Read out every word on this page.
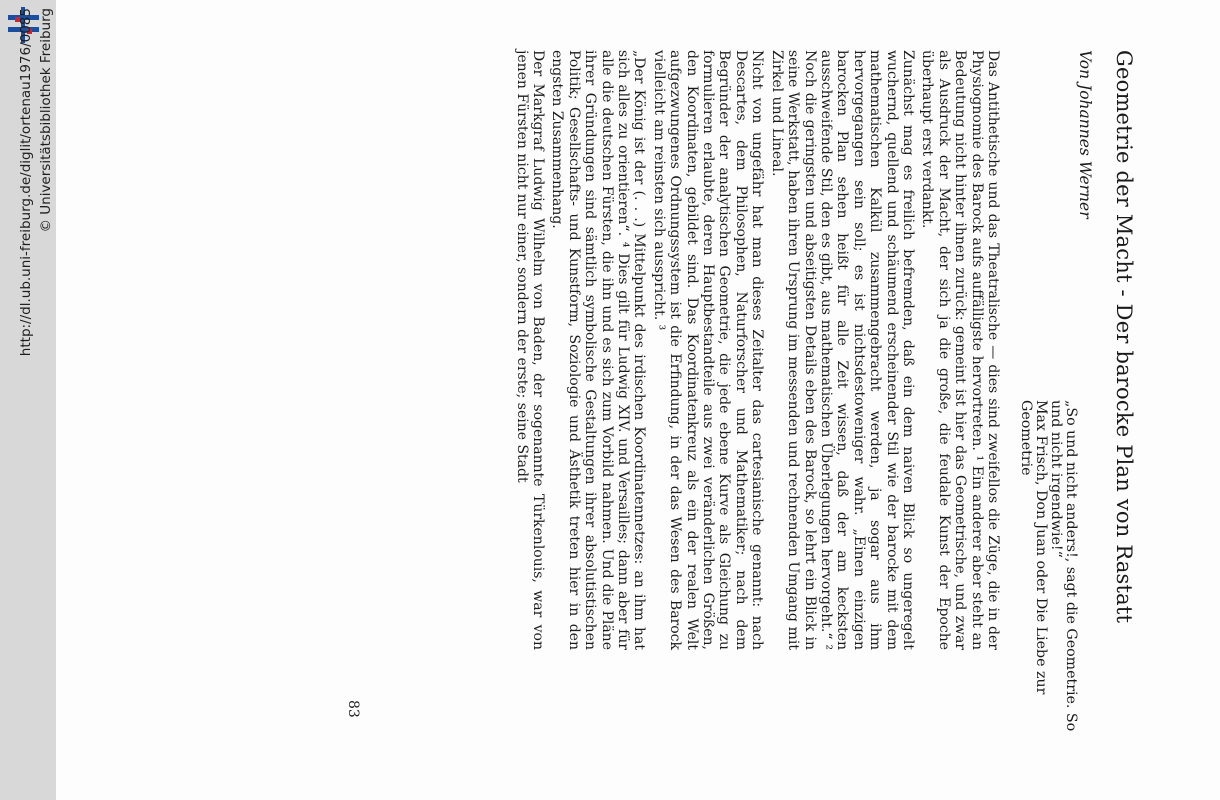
http://dl.ub.uni-freiburg.de/diglit/ortenau1976/0085 © Universitätsbibliothek Freiburg	Geometrie der Macht - Der barocke Plan von Rastatt
Von Johannes Werner
„So und nicht anders!, sagt die Geometrie. So und nicht irgendwie!“
Max Frisch, Don Juan oder Die Liebe zur Geometrie

Das Antithetische und das Theatralische — dies sind zweifellos die Züge, die in der Physiognomie des Barock aufs auffälligste hervortreten. ¹ Ein anderer aber steht an Bedeutung nicht hinter ihnen zurück: gemeint ist hier das Geometrische, und zwar als Ausdruck der Macht, der sich ja die große, die feudale Kunst der Epoche überhaupt erst verdankt.

Zunächst mag es freilich befremden, daß ein dem naiven Blick so ungeregelt wuchernd, quellend und schäumend erscheinender Stil wie der barocke mit dem mathematischen Kalkül zusammengebracht werden, ja sogar aus ihm hervorgegangen sein soll; es ist nichtsdestoweniger wahr. „Einen einzigen barocken Plan sehen heißt für alle Zeit wissen, daß der am kecksten ausschweifende Stil, den es gibt, aus mathematischen Überlegungen hervorgeht.“ ² Noch die geringsten und abseitigsten Details eben des Barock, so lehrt ein Blick in seine Werkstatt, haben ihren Ursprung im messenden und rechnenden Umgang mit Zirkel und Lineal.

Nicht von ungefähr hat man dieses Zeitalter das cartesianische genannt: nach Descartes, dem Philosophen, Naturforscher und Mathematiker; nach dem Begründer der analytischen Geometrie, die jede ebene Kurve als Gleichung zu formulieren erlaubte, deren Hauptbestandteile aus zwei veränderlichen Größen, den Koordinaten, gebildet sind. Das Koordinatenkreuz als ein der realen Welt aufgezwungenes Ordnungssystem ist die Erfindung, in der das Wesen des Barock vielleicht am reinsten sich ausspricht. ³

„Der König ist der (. . .) Mittelpunkt des irdischen Koordinatennetzes: an ihm hat sich alles zu orientieren“. ⁴ Dies gilt für Ludwig XIV. und Versailles; dann aber für alle die deutschen Fürsten, die ihn und es sich zum Vorbild nahmen. Und die Pläne ihrer Gründungen sind sämtlich symbolische Gestaltungen ihrer absolutistischen Politik; Gesellschafts- und Kunstform, Soziologie und Ästhetik treten hier in den engsten Zusammenhang.

Der Markgraf Ludwig Wilhelm von Baden, der sogenannte Türkenlouis, war von jenen Fürsten nicht nur einer, sondern der erste; seine Stadt

83
